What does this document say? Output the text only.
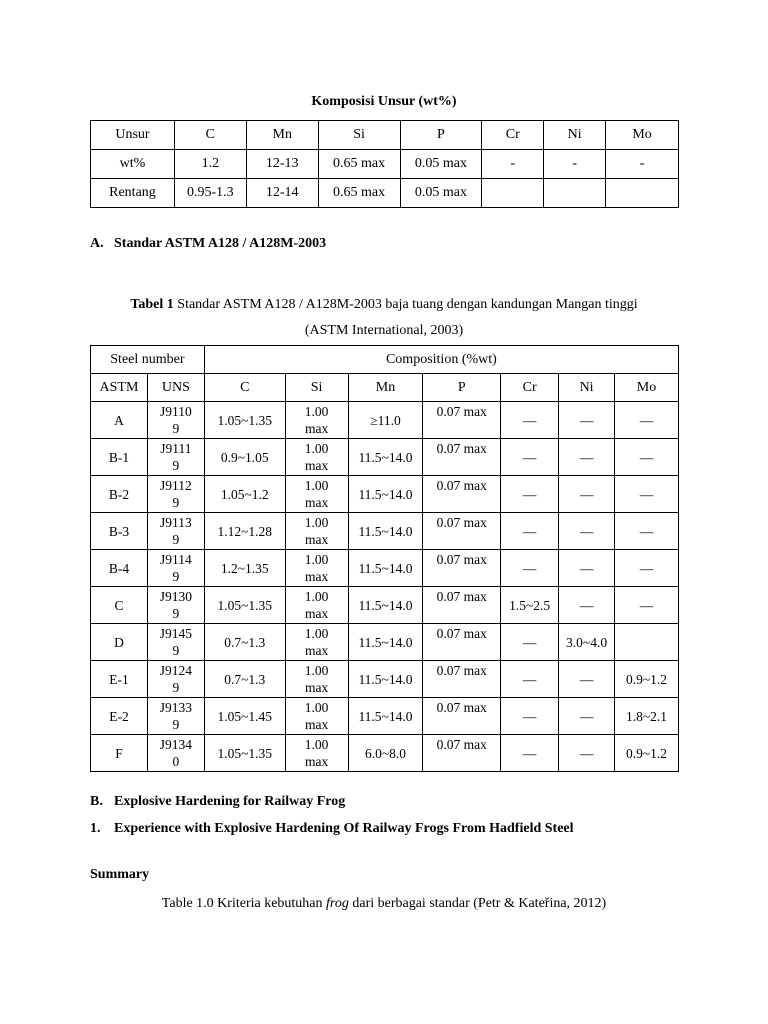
Komposisi Unsur (wt%)
Unsur	C	Mn	Si	P	Cr	Ni	Mo
wt%	1.2	12-13	0.65 max	0.05 max	-	-	-
Rentang	0.95-1.3	12-14	0.65 max	0.05 max			
A. Standar ASTM A128 / A128M-2003
Tabel 1 Standar ASTM A128 / A128M-2003 baja tuang dengan kandungan Mangan tinggi
(ASTM International, 2003)
Steel number		Composition (%wt)						
ASTM	UNS	C	Si	Mn	P	Cr	Ni	Mo
A	J91109	1.05~1.35	1.00 max	≥11.0	0.07 max	—	—	—
B-1	J91119	0.9~1.05	1.00 max	11.5~14.0	0.07 max	—	—	—
B-2	J91129	1.05~1.2	1.00 max	11.5~14.0	0.07 max	—	—	—
B-3	J91139	1.12~1.28	1.00 max	11.5~14.0	0.07 max	—	—	—
B-4	J91149	1.2~1.35	1.00 max	11.5~14.0	0.07 max	—	—	—
C	J91309	1.05~1.35	1.00 max	11.5~14.0	0.07 max	1.5~2.5	—	—
D	J91459	0.7~1.3	1.00 max	11.5~14.0	0.07 max	—	3.0~4.0	
E-1	J91249	0.7~1.3	1.00 max	11.5~14.0	0.07 max	—	—	0.9~1.2
E-2	J91339	1.05~1.45	1.00 max	11.5~14.0	0.07 max	—	—	1.8~2.1
F	J91340	1.05~1.35	1.00 max	6.0~8.0	0.07 max	—	—	0.9~1.2
B. Explosive Hardening for Railway Frog
1. Experience with Explosive Hardening Of Railway Frogs From Hadfield Steel
Summary
Table 1.0 Kriteria kebutuhan frog dari berbagai standar (Petr & Kateřina, 2012)
